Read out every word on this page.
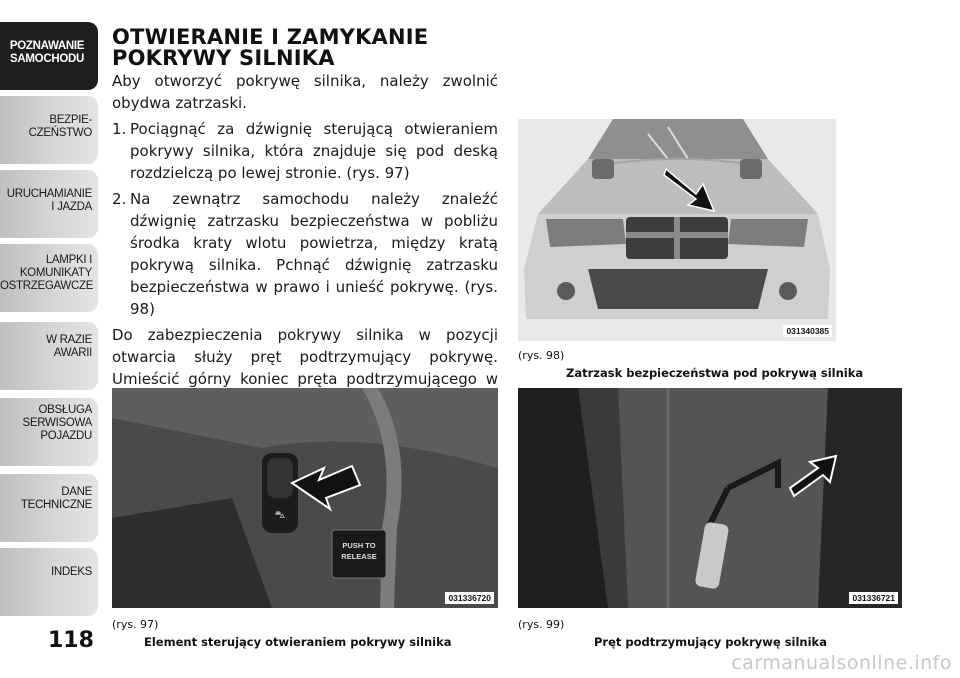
POZNAWANIE
SAMOCHODU
BEZPIE-
CZEŃSTWO
URUCHAMIANIE
I JAZDA
LAMPKI I
KOMUNIKATY
OSTRZEGAWCZE
W RAZIE
AWARII
OBSŁUGA
SERWISOWA
POJAZDU
DANE
TECHNICZNE
INDEKS
118
OTWIERANIE I ZAMYKANIE
POKRYWY SILNIKA

Aby otworzyć pokrywę silnika, należy zwolnić obydwa zatrzaski.

1. Pociągnąć za dźwignię sterującą otwieraniem pokrywy silnika, która znajduje się pod deską rozdzielczą po lewej stronie. (rys. 97)
2. Na zewnątrz samochodu należy znaleźć dźwignię zatrzasku bezpieczeństwa w pobliżu środka kraty wlotu powietrza, między kratą pokrywą silnika. Pchnąć dźwignię zatrzasku bezpieczeństwa w prawo i unieść pokrywę. (rys. 98)

Do zabezpieczenia pokrywy silnika w pozycji otwarcia służy pręt podtrzymujący pokrywę. Umieścić górny koniec pręta podtrzymującego w

031340385
(rys. 98)
Zatrzask bezpieczeństwa pod pokrywą silnika
⛍
PUSH TO
RELEASE
031336720
(rys. 97)
Element sterujący otwieraniem pokrywy silnika
031336721
(rys. 99)
Pręt podtrzymujący pokrywę silnika
carmanualsonline.info
